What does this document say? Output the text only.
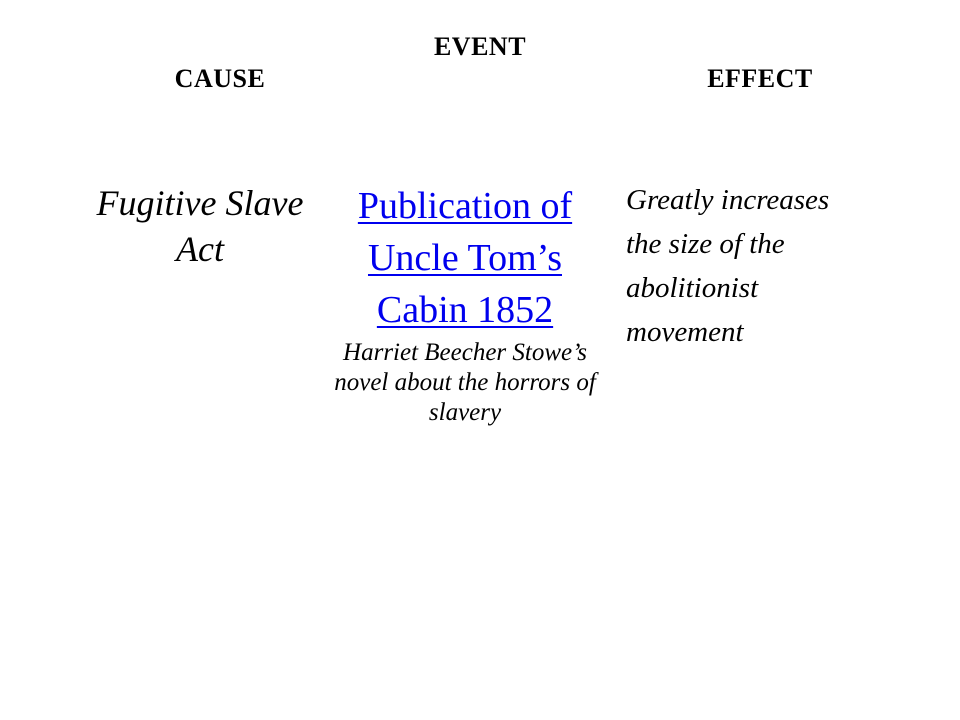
EVENT
CAUSE	EFFECT
Fugitive Slave Act
Publication of Uncle Tom’s Cabin 1852
Harriet Beecher Stowe’s novel about the horrors of slavery
Greatly increases the size of the abolitionist movement
